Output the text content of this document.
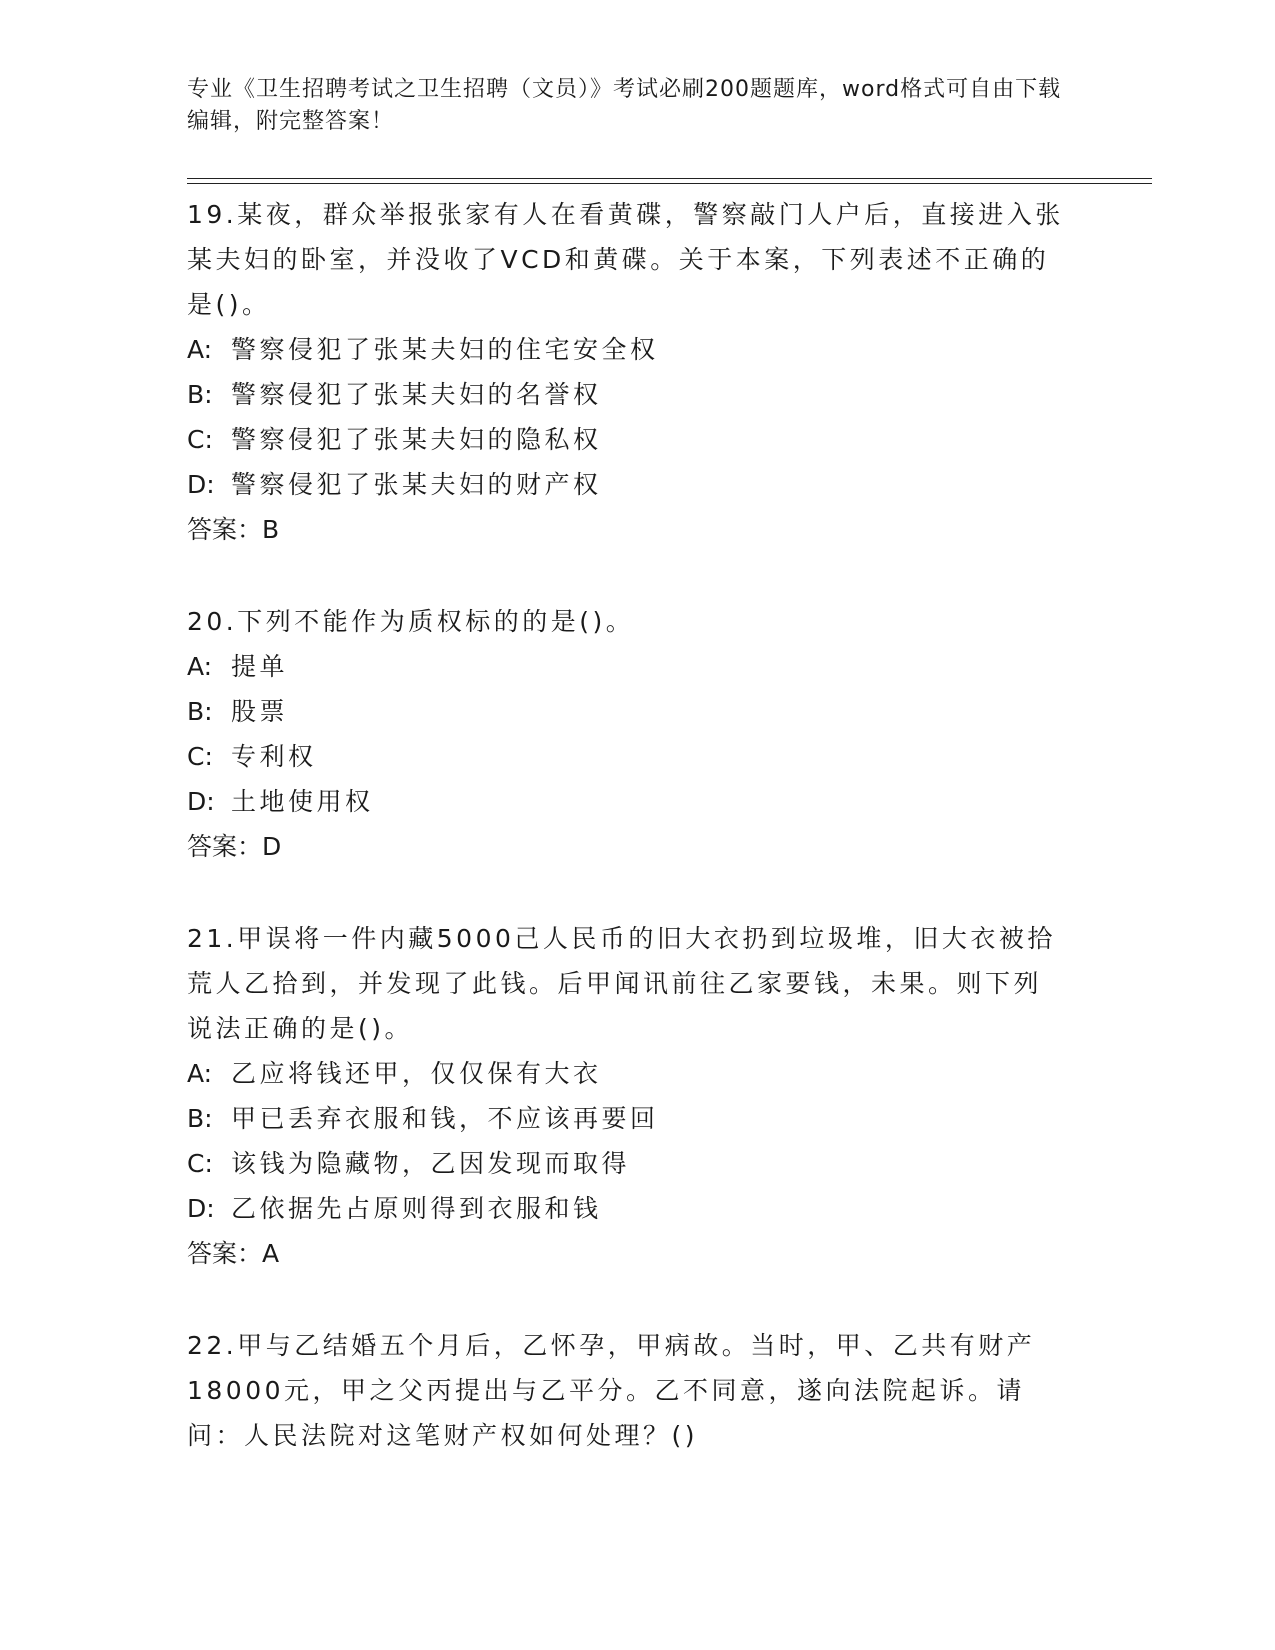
专业《卫生招聘考试之卫生招聘（文员）》考试必刷200题题库，word格式可自由下载编辑，附完整答案！

19.某夜，群众举报张家有人在看黄碟，警察敲门人户后，直接进入张某夫妇的卧室，并没收了VCD和黄碟。关于本案，下列表述不正确的是()。

A: 警察侵犯了张某夫妇的住宅安全权

B: 警察侵犯了张某夫妇的名誉权

C: 警察侵犯了张某夫妇的隐私权

D: 警察侵犯了张某夫妇的财产权

答案：B

20.下列不能作为质权标的的是()。

A: 提单

B: 股票

C: 专利权

D: 土地使用权

答案：D

21.甲误将一件内藏5000己人民币的旧大衣扔到垃圾堆，旧大衣被拾荒人乙拾到，并发现了此钱。后甲闻讯前往乙家要钱，未果。则下列说法正确的是()。

A: 乙应将钱还甲，仅仅保有大衣

B: 甲已丢弃衣服和钱，不应该再要回

C: 该钱为隐藏物，乙因发现而取得

D: 乙依据先占原则得到衣服和钱

答案：A

22.甲与乙结婚五个月后，乙怀孕，甲病故。当时，甲、乙共有财产18000元，甲之父丙提出与乙平分。乙不同意，遂向法院起诉。请问：人民法院对这笔财产权如何处理？()
